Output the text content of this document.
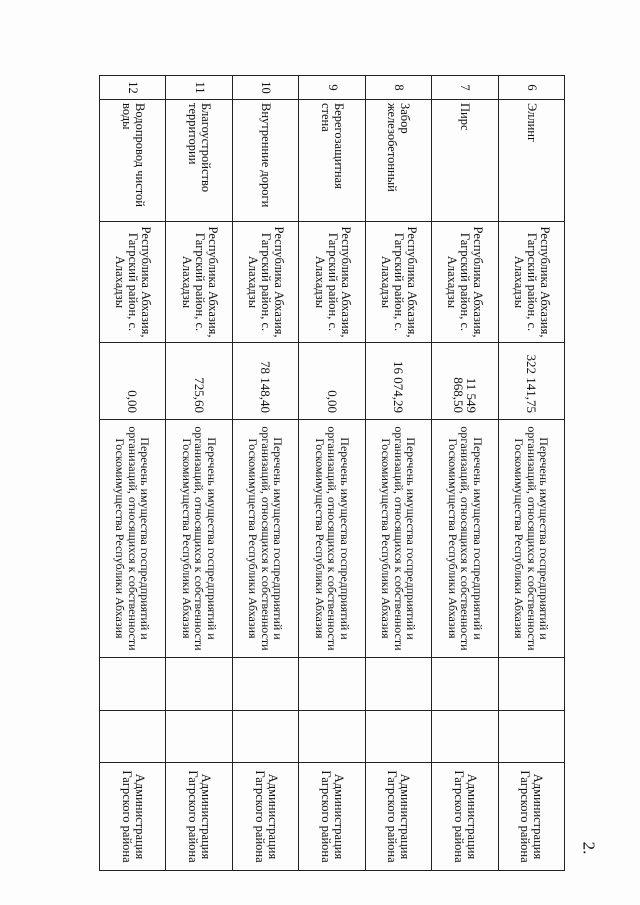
2.
6	Эллинг	Республика Абхазия, Гагрский район, с. Алахадзы	322 141,75	Перечень имущества госпредприятий и организаций, относящихся к собственности Госкомимущества Республики Абхазия			Администрация Гагрского района
7	Пирс	Республика Абхазия, Гагрский район, с. Алахадзы	11 549 868,50	Перечень имущества госпредприятий и организаций, относящихся к собственности Госкомимущества Республики Абхазия			Администрация Гагрского района
8	Забор железобетонный	Республика Абхазия, Гагрский район, с. Алахадзы	16 074,29	Перечень имущества госпредприятий и организаций, относящихся к собственности Госкомимущества Республики Абхазия			Администрация Гагрского района
9	Берегозащитная стена	Республика Абхазия, Гагрский район, с. Алахадзы	0,00	Перечень имущества госпредприятий и организаций, относящихся к собственности Госкомимущества Республики Абхазия			Администрация Гагрского района
10	Внутренние дороги	Республика Абхазия, Гагрский район, с. Алахадзы	78 148,40	Перечень имущества госпредприятий и организаций, относящихся к собственности Госкомимущества Республики Абхазия			Администрация Гагрского района
11	Благоустройство территории	Республика Абхазия, Гагрский район, с. Алахадзы	725,60	Перечень имущества госпредприятий и организаций, относящихся к собственности Госкомимущества Республики Абхазия			Администрация Гагрского района
12	Водопровод чистой воды	Республика Абхазия, Гагрский район, с. Алахадзы	0,00	Перечень имущества госпредприятий и организаций, относящихся к собственности Госкомимущества Республики Абхазия			Администрация Гагрского района
